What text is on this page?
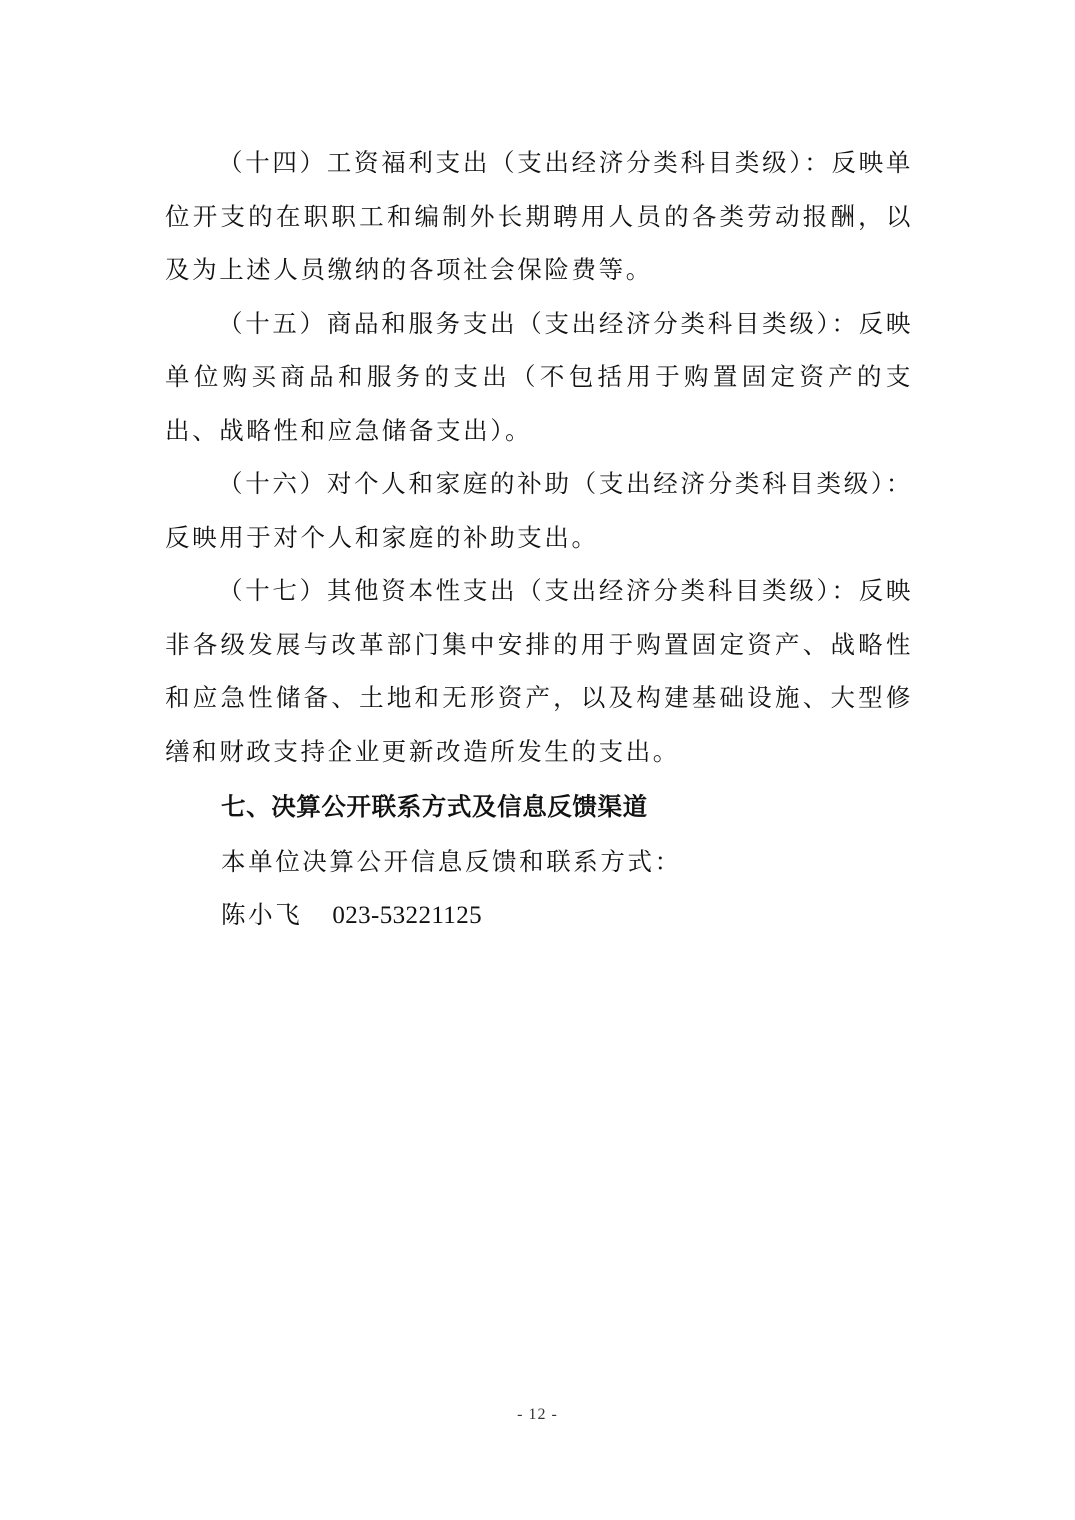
（十四）工资福利支出（支出经济分类科目类级）：反映单位开支的在职职工和编制外长期聘用人员的各类劳动报酬，以及为上述人员缴纳的各项社会保险费等。

（十五）商品和服务支出（支出经济分类科目类级）：反映单位购买商品和服务的支出（不包括用于购置固定资产的支出、战略性和应急储备支出）。

（十六）对个人和家庭的补助（支出经济分类科目类级）：反映用于对个人和家庭的补助支出。

（十七）其他资本性支出（支出经济分类科目类级）：反映非各级发展与改革部门集中安排的用于购置固定资产、战略性和应急性储备、土地和无形资产，以及构建基础设施、大型修缮和财政支持企业更新改造所发生的支出。

七、决算公开联系方式及信息反馈渠道

本单位决算公开信息反馈和联系方式：

陈小飞 023-53221125

- 12 -
